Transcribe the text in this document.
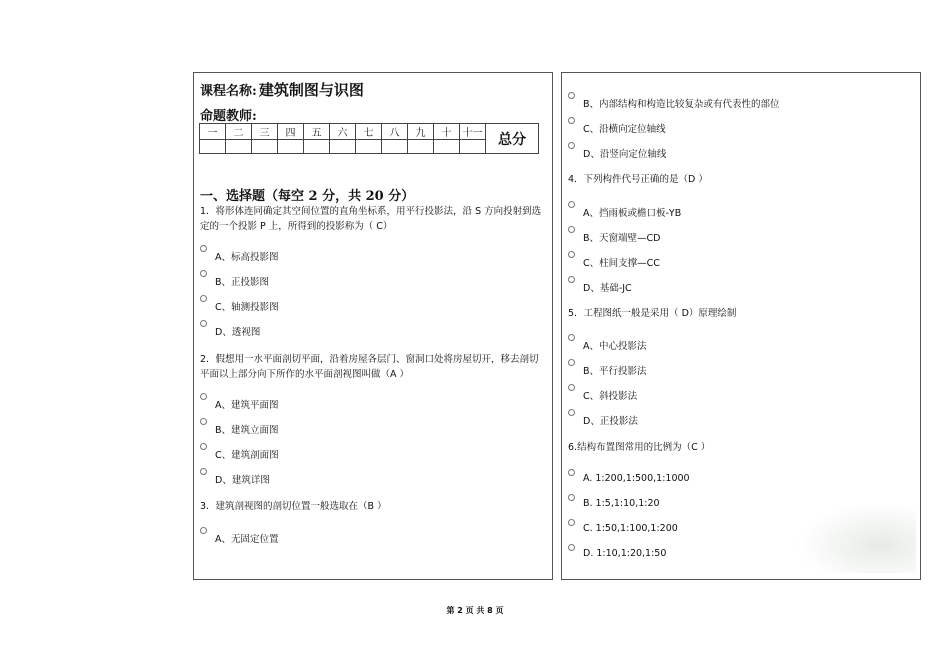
课程名称: 建筑制图与识图
命题教师:
一	二	三	四	五	六	七	八	九	十	十一	总分

一、选择题（每空 2 分，共 20 分）
1．将形体连同确定其空间位置的直角坐标系，用平行投影法，沿 S 方向投射到选定的一个投影 P 上，所得到的投影称为（ C）
A、标高投影图
B、正投影图
C、轴测投影图
D、透视图
2．假想用一水平面剖切平面，沿着房屋各层门、窗洞口处将房屋切开，移去剖切平面以上部分向下所作的水平面剖视图叫做（A ）
A、建筑平面图
B、建筑立面图
C、建筑剖面图
D、建筑详图
3．建筑剖视图的剖切位置一般选取在（B ）
A、无固定位置
B、内部结构和构造比较复杂或有代表性的部位
C、沿横向定位轴线
D、沿竖向定位轴线
4．下列构件代号正确的是（D ）
A、挡雨板或檐口板-YB
B、天窗端壁—CD
C、柱间支撑—CC
D、基础-JC
5．工程图纸一般是采用（ D）原理绘制
A、中心投影法
B、平行投影法
C、斜投影法
D、正投影法
6.结构布置图常用的比例为（C ）
A. 1:200,1:500,1:1000
B. 1:5,1:10,1:20
C. 1:50,1:100,1:200
D. 1:10,1:20,1:50
第 2 页 共 8 页
